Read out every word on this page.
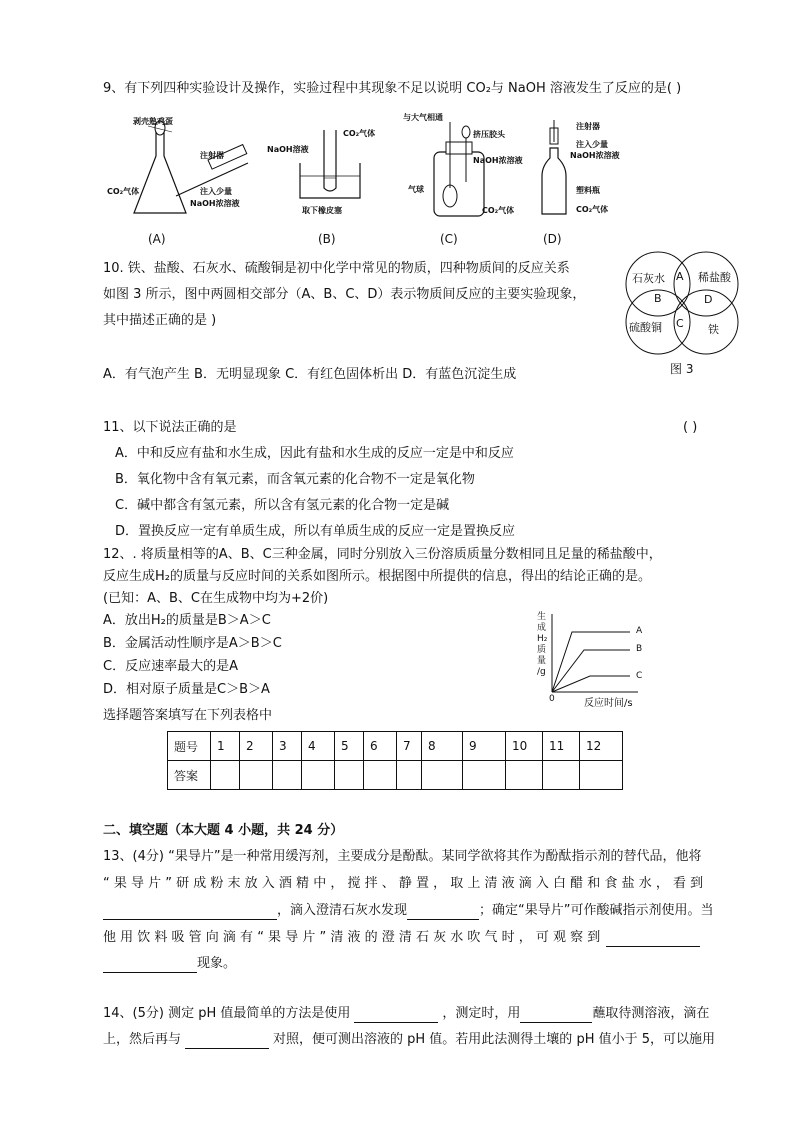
9、有下列四种实验设计及操作，实验过程中其现象不足以说明 CO₂与 NaOH 溶液发生了反应的是( )
剥壳熟鸡蛋
注射器
CO₂气体	注入少量
NaOH浓溶液
(A)
NaOH溶液
CO₂气体
取下橡皮塞
(B)
与大气相通
挤压胶头
NaOH浓溶液
气球
CO₂气体
(C)
注射器
注入少量
NaOH浓溶液
塑料瓶
CO₂气体
(D)
10. 铁、盐酸、石灰水、硫酸铜是初中化学中常见的物质，四种物质间的反应关系
如图 3 所示，图中两圆相交部分（A、B、C、D）表示物质间反应的主要实验现象，
其中描述正确的是 )
A．有气泡产生 B．无明显现象 C．有红色固体析出 D．有蓝色沉淀生成
石灰水	稀盐酸
A
B	D
硫酸铜 C 铁
图 3
11、以下说法正确的是	( )
A．中和反应有盐和水生成，因此有盐和水生成的反应一定是中和反应
B．氧化物中含有氧元素，而含氧元素的化合物不一定是氧化物
C．碱中都含有氢元素，所以含有氢元素的化合物一定是碱
D．置换反应一定有单质生成，所以有单质生成的反应一定是置换反应
12、. 将质量相等的A、B、C三种金属，同时分别放入三份溶质质量分数相同且足量的稀盐酸中，
反应生成H₂的质量与反应时间的关系如图所示。根据图中所提供的信息，得出的结论正确的是。
(已知：A、B、C在生成物中均为+2价)
A．放出H₂的质量是B＞A＞C
B．金属活动性顺序是A＞B＞C
C．反应速率最大的是A
D．相对原子质量是C＞B＞A
生
成
H₂
质
量
/g
A
B
C
0	反应时间/s
选择题答案填写在下列表格中
题号	1	2	3	4	5	6	7	8	9	10	11	12
答案												
二、填空题（本大题 4 小题，共 24 分）
13、(4分) “果导片”是一种常用缓泻剂，主要成分是酚酞。某同学欲将其作为酚酞指示剂的替代品，他将
“ 果 导 片 ” 研 成 粉 末 放 入 酒 精 中 ， 搅 拌 、 静 置 ， 取 上 清 液 滴 入 白 醋 和 食 盐 水 ， 看 到
，滴入澄清石灰水发现	；确定“果导片”可作酸碱指示剂使用。当
他 用 饮 料 吸 管 向 滴 有 “ 果 导 片 ” 清 液 的 澄 清 石 灰 水 吹 气 时 ， 可 观 察 到
现象。
14、(5分) 测定 pH 值最简单的方法是使用	，测定时，用	蘸取待测溶液，滴在
上，然后再与	对照，便可测出溶液的 pH 值。若用此法测得土壤的 pH 值小于 5，可以施用
